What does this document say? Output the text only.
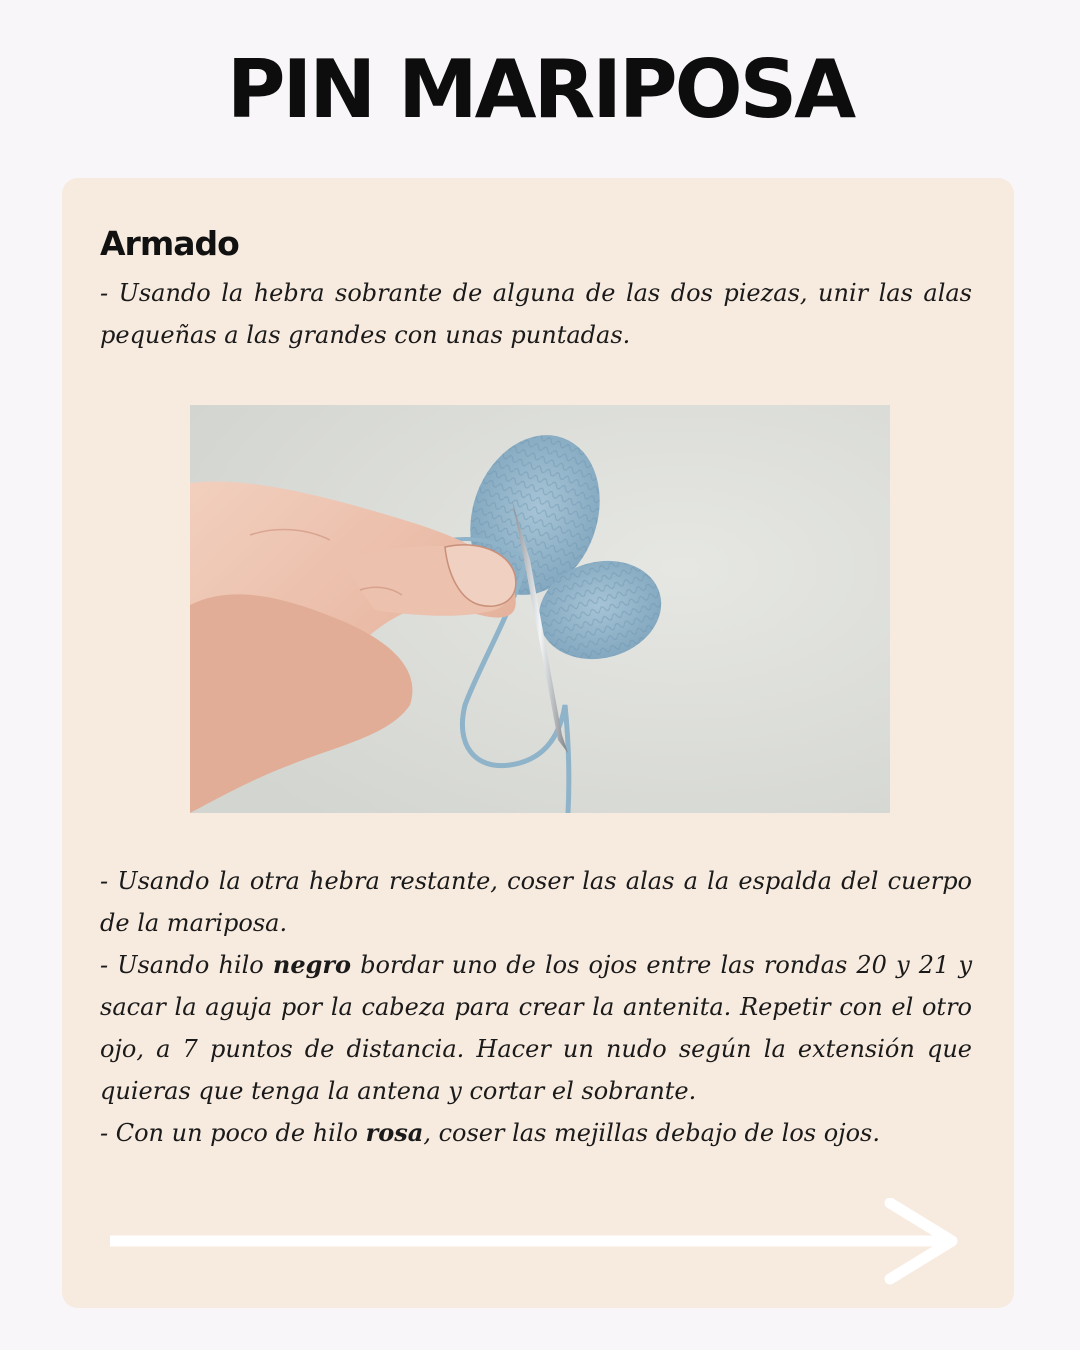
PIN MARIPOSA
Armado

- Usando la hebra sobrante de alguna de las dos piezas, unir las alas pequeñas a las grandes con unas puntadas.

- Usando la otra hebra restante, coser las alas a la espalda del cuerpo de la mariposa.
- Usando hilo negro bordar uno de los ojos entre las rondas 20 y 21 y sacar la aguja por la cabeza para crear la antenita. Repetir con el otro ojo, a 7 puntos de distancia. Hacer un nudo según la extensión que quieras que tenga la antena y cortar el sobrante.
- Con un poco de hilo rosa, coser las mejillas debajo de los ojos.
